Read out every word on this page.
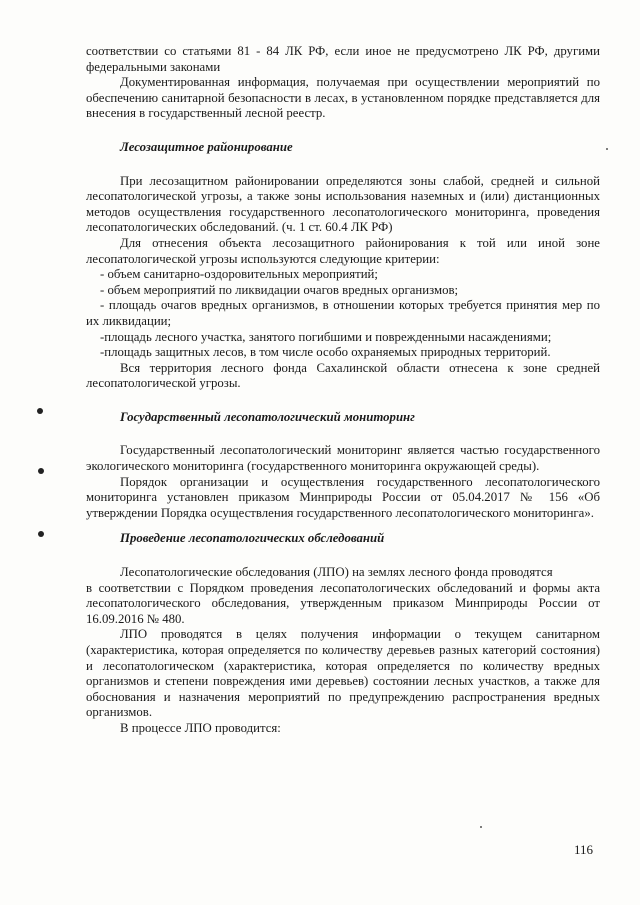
соответствии со статьями 81 - 84 ЛК РФ, если иное не предусмотрено ЛК РФ, другими федеральными законами

Документированная информация, получаемая при осуществлении мероприятий по обеспечению санитарной безопасности в лесах, в установленном порядке представляется для внесения в государственный лесной реестр.

Лесозащитное районирование

При лесозащитном районировании определяются зоны слабой, средней и сильной лесопатологической угрозы, а также зоны использования наземных и (или) дистанционных методов осуществления государственного лесопатологического мониторинга, проведения лесопатологических обследований. (ч. 1 ст. 60.4 ЛК РФ)

Для отнесения объекта лесозащитного районирования к той или иной зоне лесопатологической угрозы используются следующие критерии:

- объем санитарно-оздоровительных мероприятий;

- объем мероприятий по ликвидации очагов вредных организмов;

- площадь очагов вредных организмов, в отношении которых требуется принятия мер по их ликвидации;

-площадь лесного участка, занятого погибшими и поврежденными насаждениями;

-площадь защитных лесов, в том числе особо охраняемых природных территорий.

Вся территория лесного фонда Сахалинской области отнесена к зоне средней лесопатологической угрозы.

Государственный лесопатологический мониторинг

Государственный лесопатологический мониторинг является частью государственного экологического мониторинга (государственного мониторинга окружающей среды).

Порядок организации и осуществления государственного лесопатологического мониторинга установлен приказом Минприроды России от 05.04.2017 № 156 «Об утверждении Порядка осуществления государственного лесопатологического мониторинга».

Проведение лесопатологических обследований

Лесопатологические обследования (ЛПО) на землях лесного фонда проводятся

в соответствии с Порядком проведения лесопатологических обследований и формы акта лесопатологического обследования, утвержденным приказом Минприроды России от 16.09.2016 № 480.

ЛПО проводятся в целях получения информации о текущем санитарном (характеристика, которая определяется по количеству деревьев разных категорий состояния) и лесопатологическом (характеристика, которая определяется по количеству вредных организмов и степени повреждения ими деревьев) состоянии лесных участков, а также для обоснования и назначения мероприятий по предупреждению распространения вредных организмов.

В процессе ЛПО проводится:

116
